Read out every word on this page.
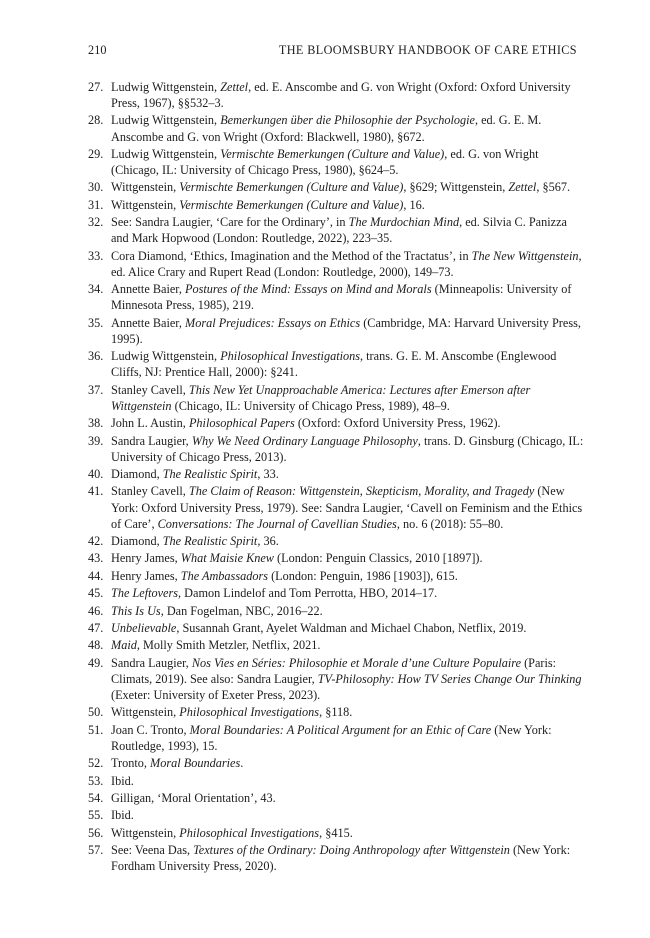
210	THE BLOOMSBURY HANDBOOK OF CARE ETHICS
27. Ludwig Wittgenstein, Zettel, ed. E. Anscombe and G. von Wright (Oxford: Oxford University Press, 1967), §§532–3.
28. Ludwig Wittgenstein, Bemerkungen über die Philosophie der Psychologie, ed. G. E. M. Anscombe and G. von Wright (Oxford: Blackwell, 1980), §672.
29. Ludwig Wittgenstein, Vermischte Bemerkungen (Culture and Value), ed. G. von Wright (Chicago, IL: University of Chicago Press, 1980), §624–5.
30. Wittgenstein, Vermischte Bemerkungen (Culture and Value), §629; Wittgenstein, Zettel, §567.
31. Wittgenstein, Vermischte Bemerkungen (Culture and Value), 16.
32. See: Sandra Laugier, ‘Care for the Ordinary’, in The Murdochian Mind, ed. Silvia C. Panizza and Mark Hopwood (London: Routledge, 2022), 223–35.
33. Cora Diamond, ‘Ethics, Imagination and the Method of the Tractatus’, in The New Wittgenstein, ed. Alice Crary and Rupert Read (London: Routledge, 2000), 149–73.
34. Annette Baier, Postures of the Mind: Essays on Mind and Morals (Minneapolis: University of Minnesota Press, 1985), 219.
35. Annette Baier, Moral Prejudices: Essays on Ethics (Cambridge, MA: Harvard University Press, 1995).
36. Ludwig Wittgenstein, Philosophical Investigations, trans. G. E. M. Anscombe (Englewood Cliffs, NJ: Prentice Hall, 2000): §241.
37. Stanley Cavell, This New Yet Unapproachable America: Lectures after Emerson after Wittgenstein (Chicago, IL: University of Chicago Press, 1989), 48–9.
38. John L. Austin, Philosophical Papers (Oxford: Oxford University Press, 1962).
39. Sandra Laugier, Why We Need Ordinary Language Philosophy, trans. D. Ginsburg (Chicago, IL: University of Chicago Press, 2013).
40. Diamond, The Realistic Spirit, 33.
41. Stanley Cavell, The Claim of Reason: Wittgenstein, Skepticism, Morality, and Tragedy (New York: Oxford University Press, 1979). See: Sandra Laugier, ‘Cavell on Feminism and the Ethics of Care’, Conversations: The Journal of Cavellian Studies, no. 6 (2018): 55–80.
42. Diamond, The Realistic Spirit, 36.
43. Henry James, What Maisie Knew (London: Penguin Classics, 2010 [1897]).
44. Henry James, The Ambassadors (London: Penguin, 1986 [1903]), 615.
45. The Leftovers, Damon Lindelof and Tom Perrotta, HBO, 2014–17.
46. This Is Us, Dan Fogelman, NBC, 2016–22.
47. Unbelievable, Susannah Grant, Ayelet Waldman and Michael Chabon, Netflix, 2019.
48. Maid, Molly Smith Metzler, Netflix, 2021.
49. Sandra Laugier, Nos Vies en Séries: Philosophie et Morale d’une Culture Populaire (Paris: Climats, 2019). See also: Sandra Laugier, TV-Philosophy: How TV Series Change Our Thinking (Exeter: University of Exeter Press, 2023).
50. Wittgenstein, Philosophical Investigations, §118.
51. Joan C. Tronto, Moral Boundaries: A Political Argument for an Ethic of Care (New York: Routledge, 1993), 15.
52. Tronto, Moral Boundaries.
53. Ibid.
54. Gilligan, ‘Moral Orientation’, 43.
55. Ibid.
56. Wittgenstein, Philosophical Investigations, §415.
57. See: Veena Das, Textures of the Ordinary: Doing Anthropology after Wittgenstein (New York: Fordham University Press, 2020).
